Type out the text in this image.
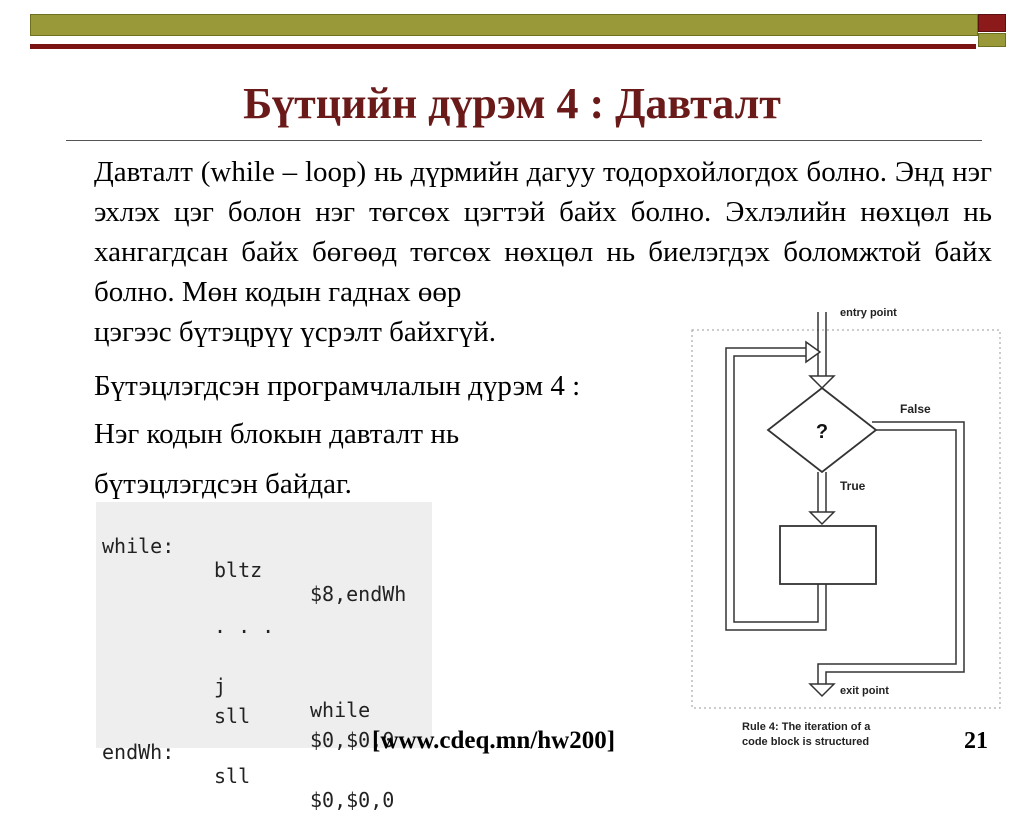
Бүтцийн дүрэм 4 : Давталт
Давталт (while – loop) нь дүрмийн дагуу тодорхойлогдох болно. Энд нэг эхлэх цэг болон нэг төгсөх цэгтэй байх болно. Эхлэлийн нөхцөл нь хангагдсан байх бөгөөд төгсөх нөхцөл нь биелэгдэх боломжтой байх болно. Мөн кодын гаднах өөр
цэгээс бүтэцрүү үсрэлт байхгүй.
Бүтэцлэгдсэн програмчлалын дүрэм 4 :
Нэг кодын блокын давталт нь
бүтэцлэгдсэн байдаг.

while:

bltz

$8,endWh

. . .

j

while

sll

$0,$0,0

endWh:

sll

$0,$0,0

?
True
False
entry point
exit point
Rule 4: The iteration of a
code block is structured
[www.cdeq.mn/hw200]	21
